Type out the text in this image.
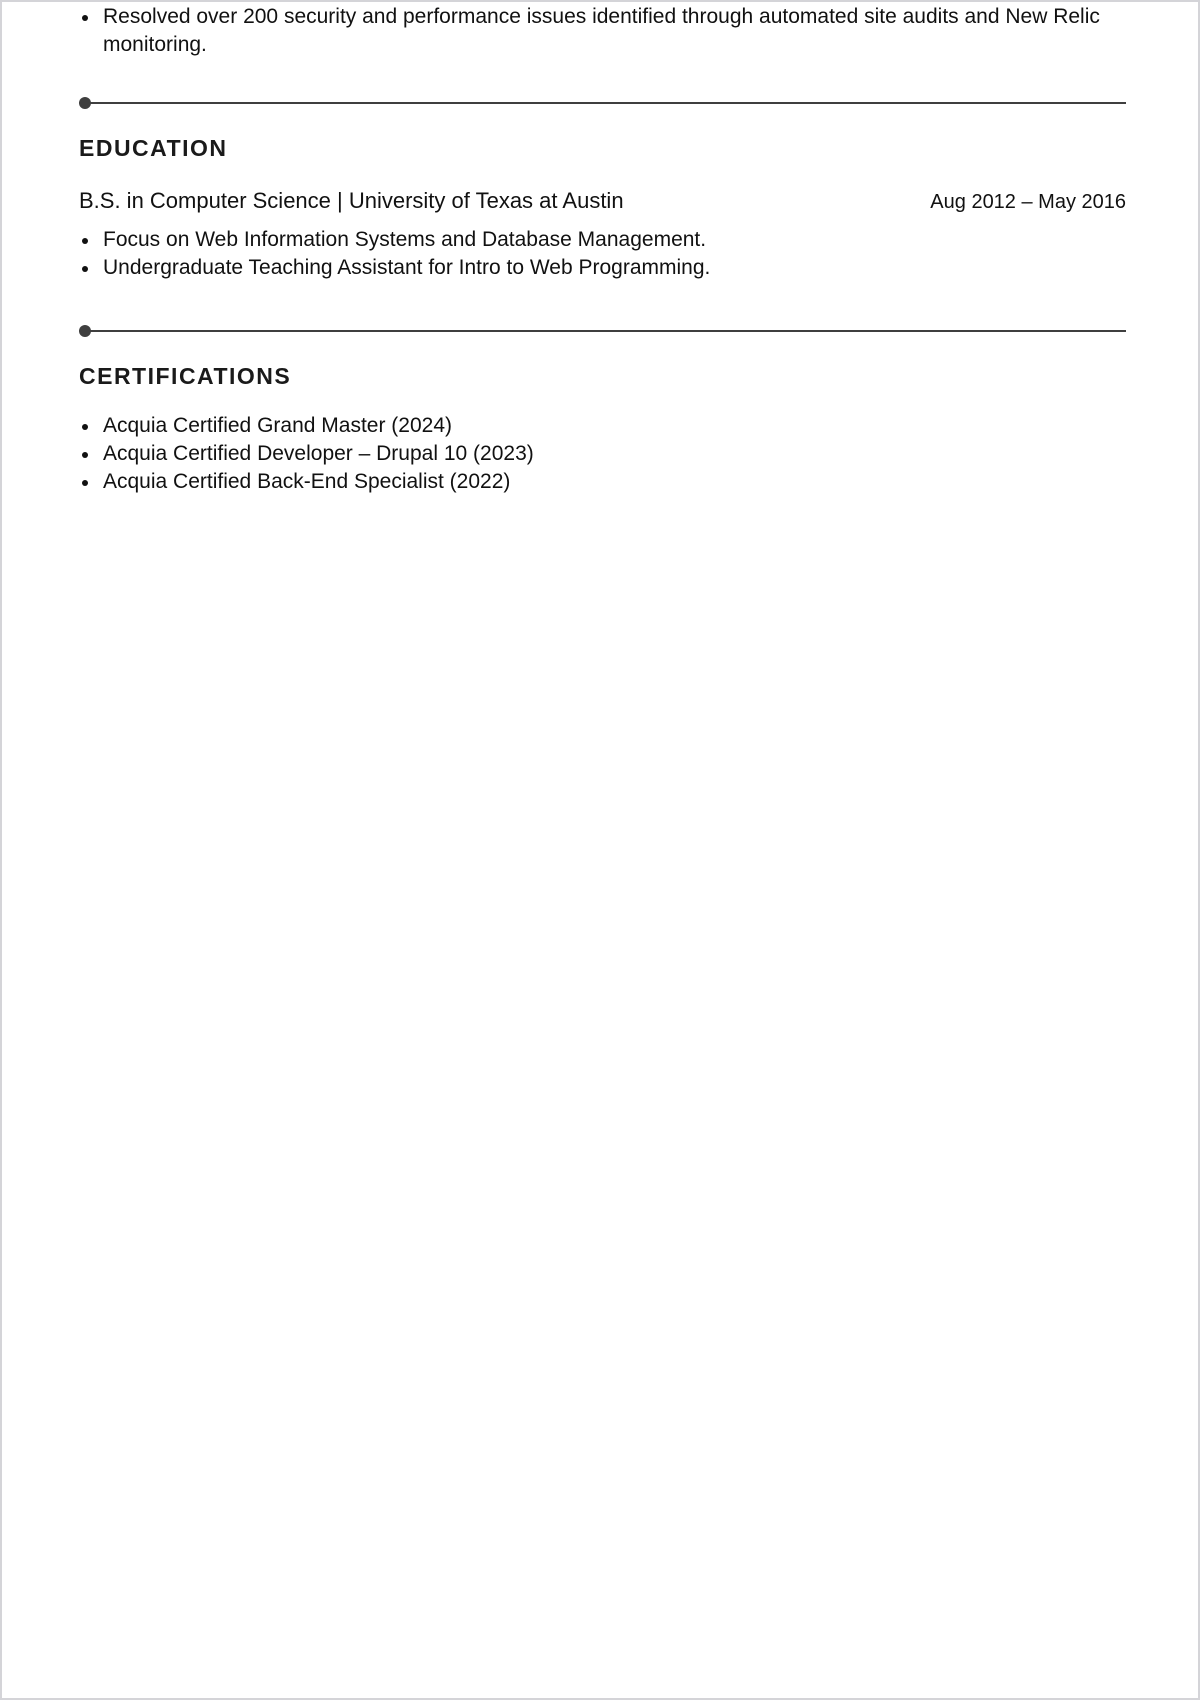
Resolved over 200 security and performance issues identified through automated site audits and New Relic monitoring.
EDUCATION
B.S. in Computer Science | University of Texas at Austin	Aug 2012 – May 2016
Focus on Web Information Systems and Database Management.
Undergraduate Teaching Assistant for Intro to Web Programming.
CERTIFICATIONS
Acquia Certified Grand Master (2024)
Acquia Certified Developer – Drupal 10 (2023)
Acquia Certified Back-End Specialist (2022)
